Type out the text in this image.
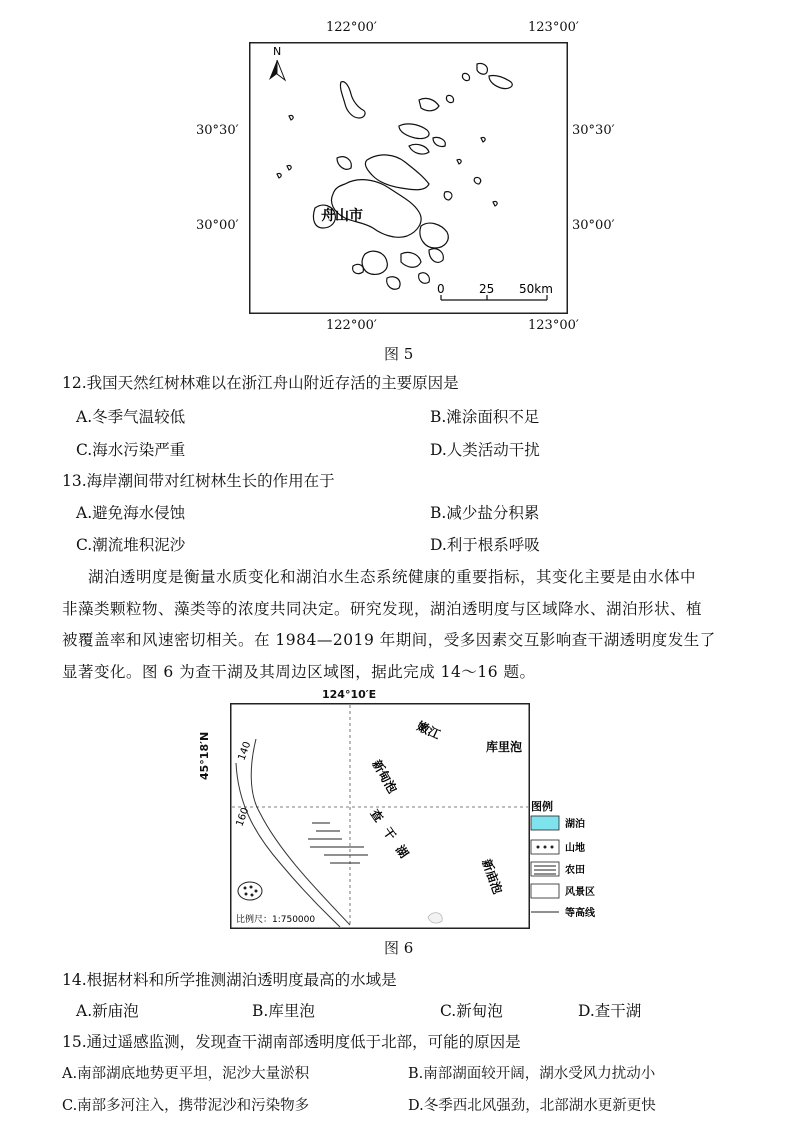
122°00′	123°00′
30°30′
30°00′
30°30′
30°00′
122°00′	123°00′
N
舟山市
0	25 50km
图 5
12.我国天然红树林难以在浙江舟山附近存活的主要原因是
A.冬季气温较低	B.滩涂面积不足
C.海水污染严重	D.人类活动干扰
13.海岸潮间带对红树林生长的作用在于
A.避免海水侵蚀	B.减少盐分积累
C.潮流堆积泥沙	D.利于根系呼吸
湖泊透明度是衡量水质变化和湖泊水生态系统健康的重要指标，其变化主要是由水体中
非藻类颗粒物、藻类等的浓度共同决定。研究发现，湖泊透明度与区域降水、湖泊形状、植
被覆盖率和风速密切相关。在 1984—2019 年期间，受多因素交互影响查干湖透明度发生了
显著变化。图 6 为查干湖及其周边区域图，据此完成 14～16 题。
124°10′E
45°18′N	140
160
嫩江
库里泡
新甸泡
查干湖
新庙泡
比例尺：1:750000
图例
湖泊
山地
农田
风景区
等高线
图 6
14.根据材料和所学推测湖泊透明度最高的水域是
A.新庙泡	B.库里泡	C.新甸泡	D.查干湖
15.通过遥感监测，发现查干湖南部透明度低于北部，可能的原因是
A.南部湖底地势更平坦，泥沙大量淤积	B.南部湖面较开阔，湖水受风力扰动小
C.南部多河注入，携带泥沙和污染物多	D.冬季西北风强劲，北部湖水更新更快
